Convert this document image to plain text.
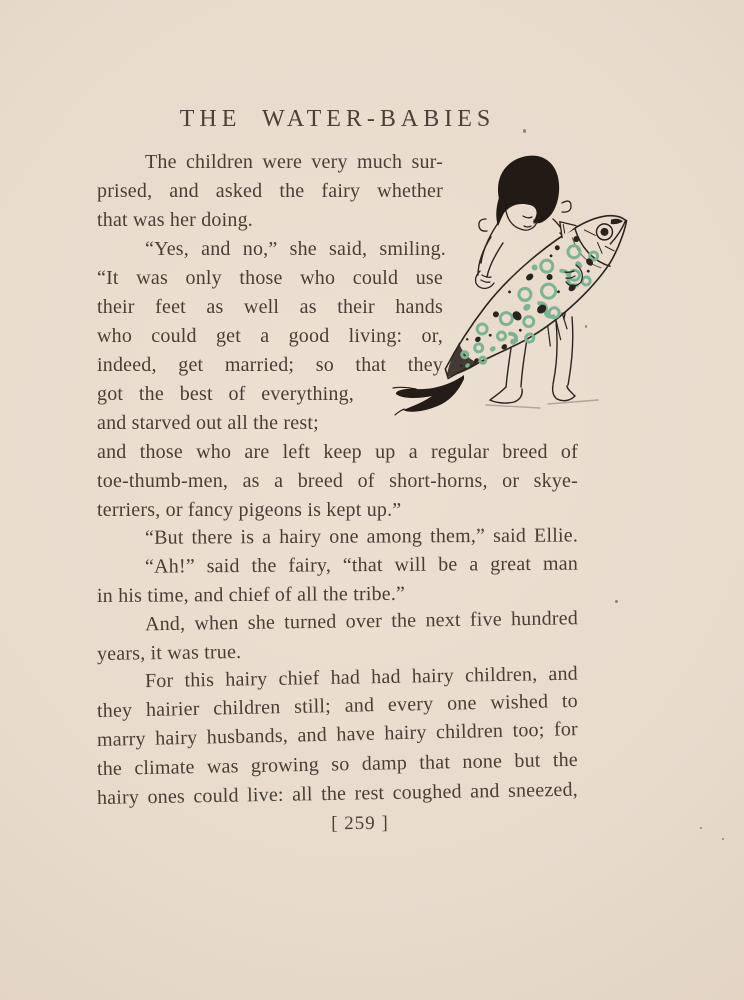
THE WATER-BABIES
The children were very much sur-
prised, and asked the fairy whether
that was her doing.
“Yes, and no,” she said, smiling.
“It was only those who could use
their feet as well as their hands
who could get a good living: or,
indeed, get married; so that they
got the best of everything,
and starved out all the rest;
and those who are left keep up a regular breed of
toe-thumb-men, as a breed of short-horns, or skye-
terriers, or fancy pigeons is kept up.”
“But there is a hairy one among them,” said Ellie.
“Ah!” said the fairy, “that will be a great man
in his time, and chief of all the tribe.”
And, when she turned over the next five hundred
years, it was true.
For this hairy chief had had hairy children, and
they hairier children still; and every one wished to
marry hairy husbands, and have hairy children too; for
the climate was growing so damp that none but the
hairy ones could live: all the rest coughed and sneezed,
[ 259 ]
